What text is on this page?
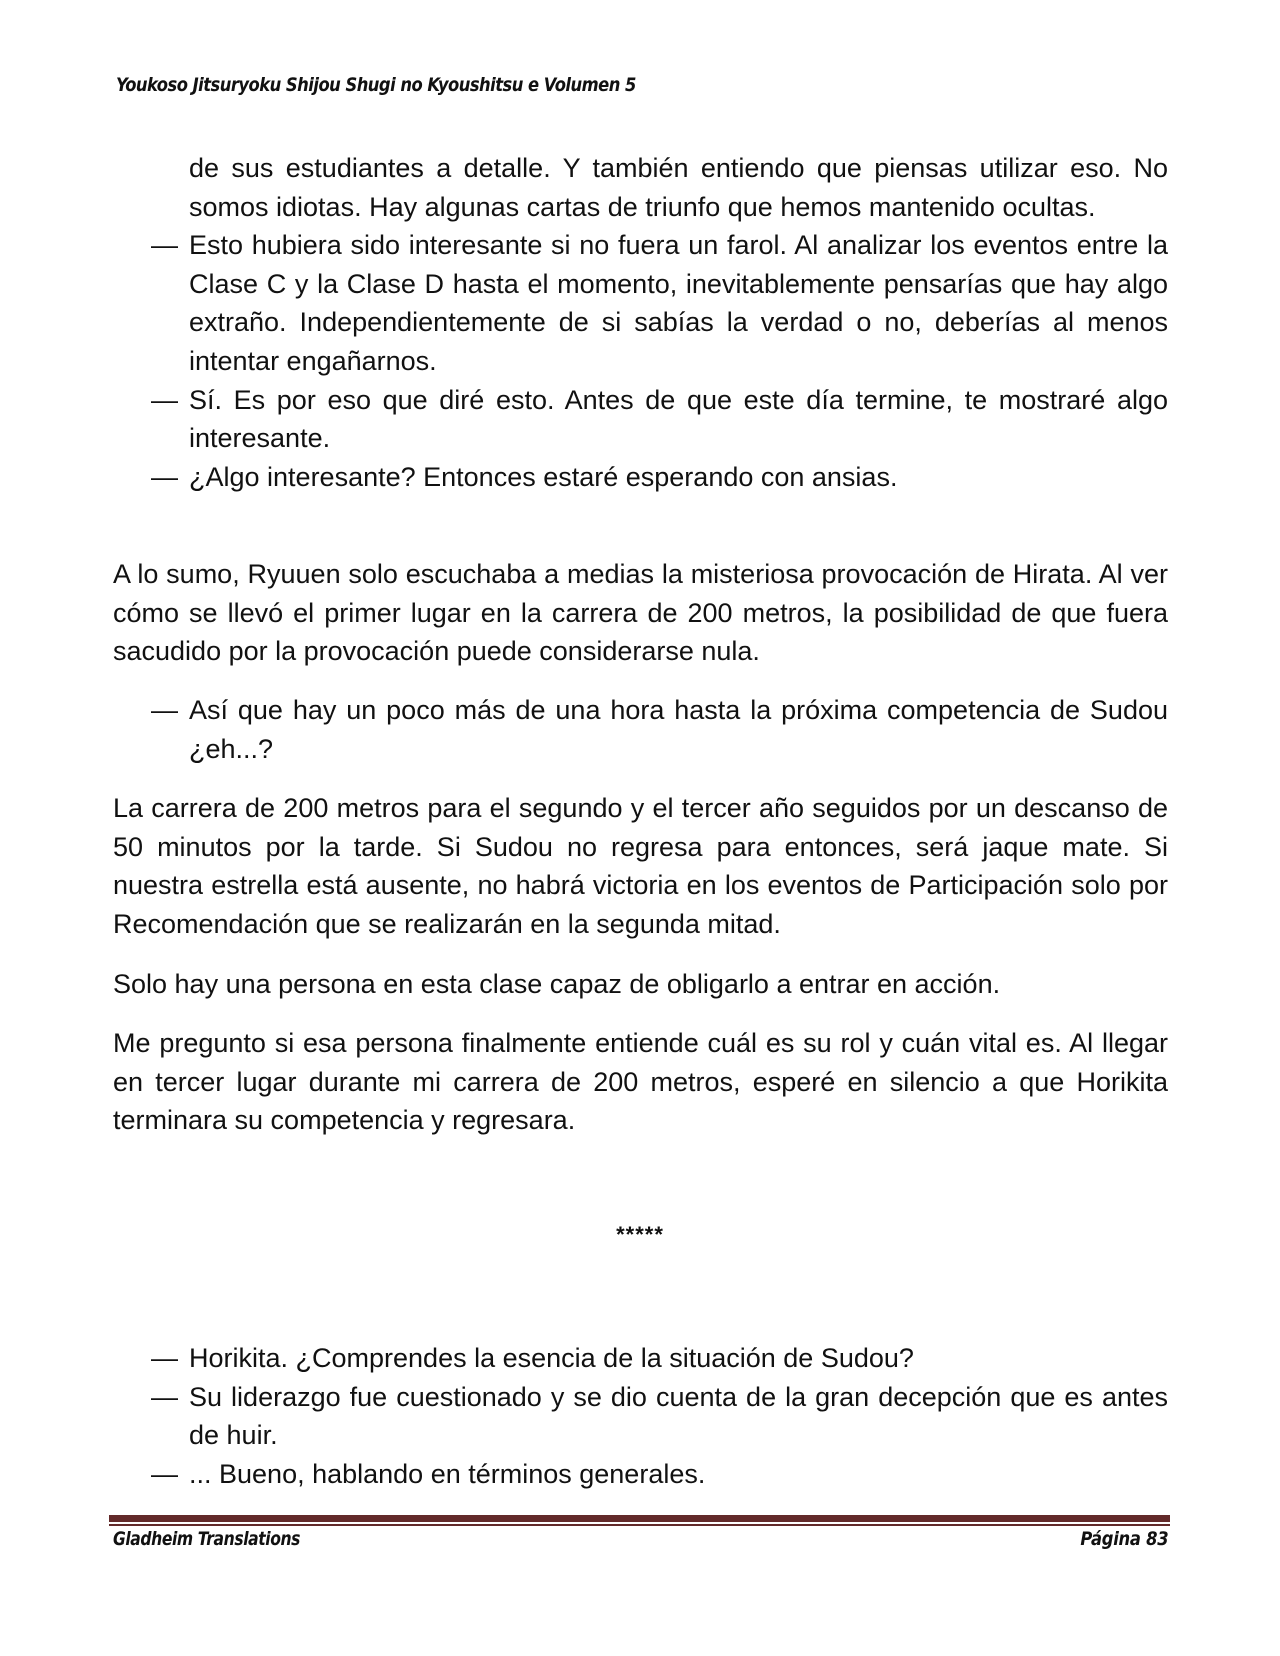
Youkoso Jitsuryoku Shijou Shugi no Kyoushitsu e Volumen 5

de sus estudiantes a detalle. Y también entiendo que piensas utilizar eso. No somos idiotas. Hay algunas cartas de triunfo que hemos mantenido ocultas.

— Esto hubiera sido interesante si no fuera un farol. Al analizar los eventos entre la Clase C y la Clase D hasta el momento, inevitablemente pensarías que hay algo extraño. Independientemente de si sabías la verdad o no, deberías al menos intentar engañarnos.

— Sí. Es por eso que diré esto. Antes de que este día termine, te mostraré algo interesante.

— ¿Algo interesante? Entonces estaré esperando con ansias.

A lo sumo, Ryuuen solo escuchaba a medias la misteriosa provocación de Hirata. Al ver cómo se llevó el primer lugar en la carrera de 200 metros, la posibilidad de que fuera sacudido por la provocación puede considerarse nula.

— Así que hay un poco más de una hora hasta la próxima competencia de Sudou ¿eh...?

La carrera de 200 metros para el segundo y el tercer año seguidos por un descanso de 50 minutos por la tarde. Si Sudou no regresa para entonces, será jaque mate. Si nuestra estrella está ausente, no habrá victoria en los eventos de Participación solo por Recomendación que se realizarán en la segunda mitad.

Solo hay una persona en esta clase capaz de obligarlo a entrar en acción.

Me pregunto si esa persona finalmente entiende cuál es su rol y cuán vital es. Al llegar en tercer lugar durante mi carrera de 200 metros, esperé en silencio a que Horikita terminara su competencia y regresara.

*****

— Horikita. ¿Comprendes la esencia de la situación de Sudou?

— Su liderazgo fue cuestionado y se dio cuenta de la gran decepción que es antes de huir.

— ... Bueno, hablando en términos generales.

Gladheim Translations	Página 83
